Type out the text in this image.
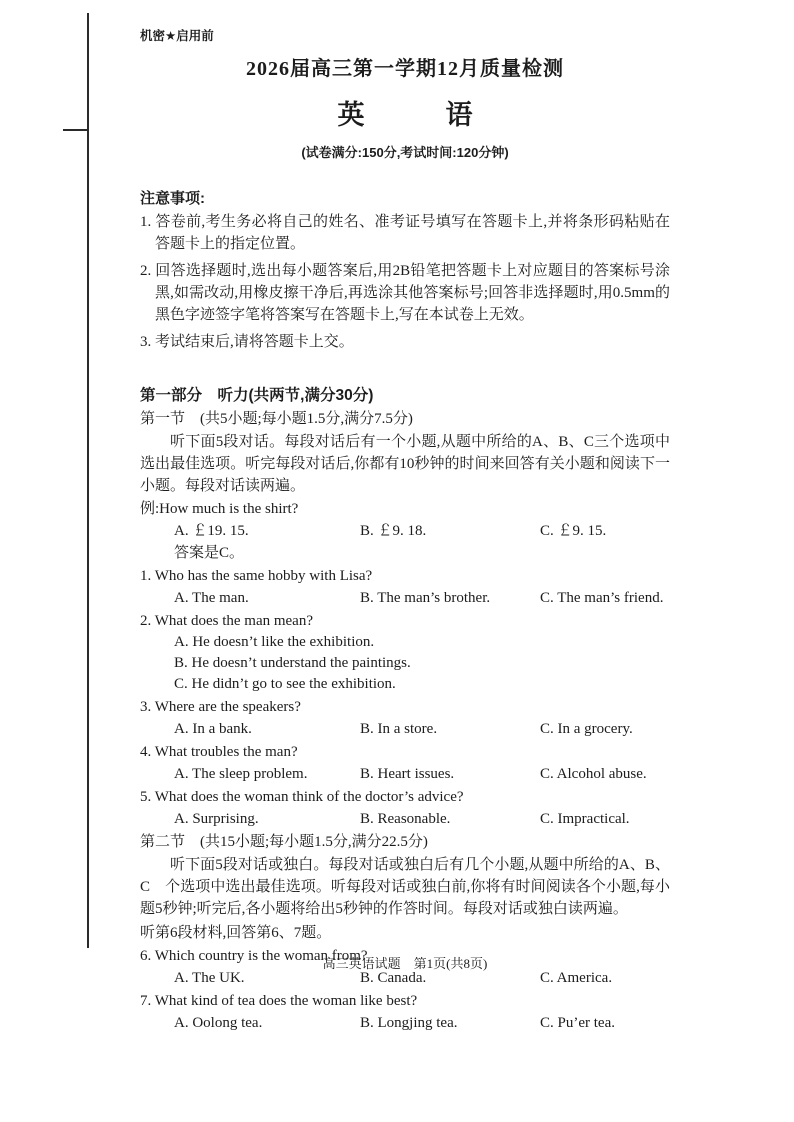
机密★启用前
2026届高三第一学期12月质量检测
英　　　语
(试卷满分:150分,考试时间:120分钟)
注意事项:
1. 答卷前,考生务必将自己的姓名、准考证号填写在答题卡上,并将条形码粘贴在答题卡上的指定位置。
2. 回答选择题时,选出每小题答案后,用2B铅笔把答题卡上对应题目的答案标号涂黑,如需改动,用橡皮擦干净后,再选涂其他答案标号;回答非选择题时,用0.5mm的黑色字迹签字笔将答案写在答题卡上,写在本试卷上无效。
3. 考试结束后,请将答题卡上交。
第一部分　听力(共两节,满分30分)
第一节　(共5小题;每小题1.5分,满分7.5分)
听下面5段对话。每段对话后有一个小题,从题中所给的A、B、C三个选项中选出最佳选项。听完每段对话后,你都有10秒钟的时间来回答有关小题和阅读下一小题。每段对话读两遍。
例:How much is the shirt?
A. ￡19. 15.	B. ￡9. 18.	C. ￡9. 15.
答案是C。
1. Who has the same hobby with Lisa?
A. The man.	B. The man’s brother.	C. The man’s friend.
2. What does the man mean?
A. He doesn’t like the exhibition.
B. He doesn’t understand the paintings.
C. He didn’t go to see the exhibition.
3. Where are the speakers?
A. In a bank.	B. In a store.	C. In a grocery.
4. What troubles the man?
A. The sleep problem.	B. Heart issues.	C. Alcohol abuse.
5. What does the woman think of the doctor’s advice?
A. Surprising.	B. Reasonable.	C. Impractical.
第二节　(共15小题;每小题1.5分,满分22.5分)
听下面5段对话或独白。每段对话或独白后有几个小题,从题中所给的A、B、C　个选项中选出最佳选项。听每段对话或独白前,你将有时间阅读各个小题,每小题5秒钟;听完后,各小题将给出5秒钟的作答时间。每段对话或独白读两遍。
听第6段材料,回答第6、7题。
6. Which country is the woman from?
A. The UK.	B. Canada.	C. America.
7. What kind of tea does the woman like best?
A. Oolong tea.	B. Longjing tea.	C. Pu’er tea.
高三英语试题　第1页(共8页)
